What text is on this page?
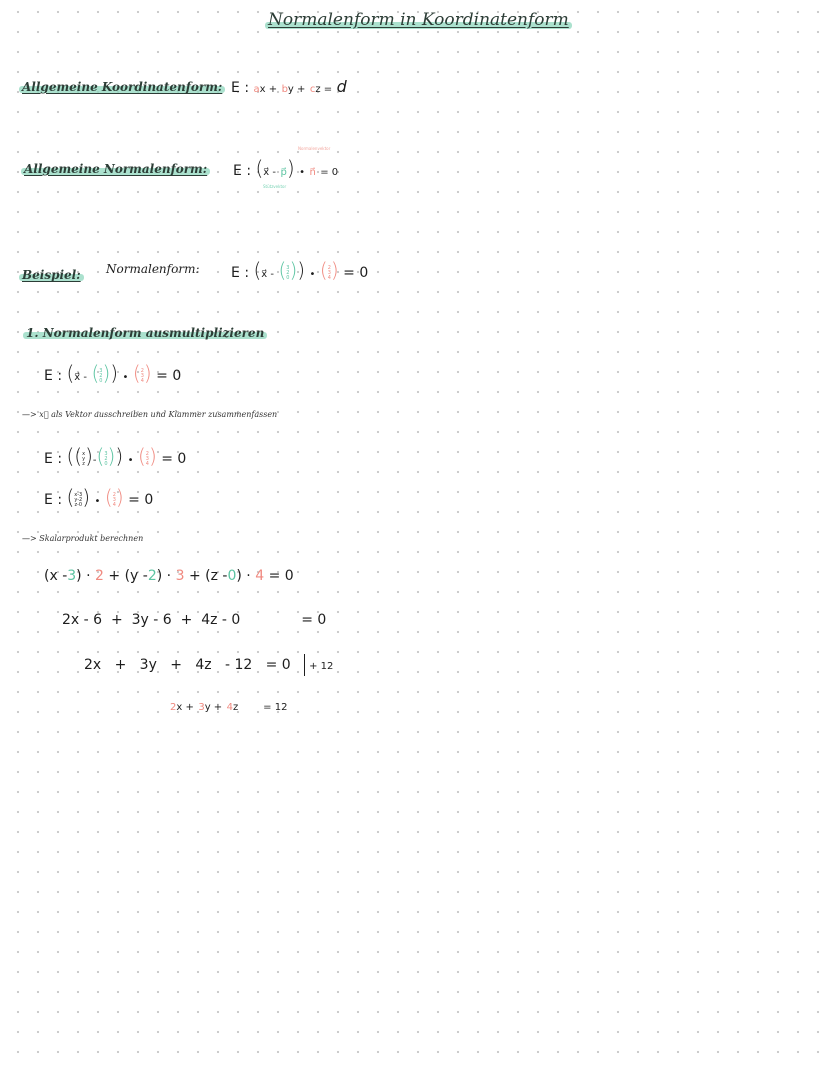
Normalenform in Koordinatenform
Allgemeine Koordinatenform: E : ax + by + cz = d
Allgemeine Normalenform:
Normalenvektor
E : (x⃗ - p⃗) • n⃗ = 0
Stützvektor
Beispiel: Normalenform: E : (x⃗ - ( 3
2
0 )) • ( 2
3
4 ) = 0
1. Normalenform ausmultiplizieren
E : (x⃗ - ( 3
2
0 )) • ( 2
3
4 ) = 0
—> x⃗ als Vektor ausschreiben und Klammer zusammenfassen
E : (( x
y
z )-( 3
2
0 )) • ( 2
3
4 ) = 0
E : ( x-3
y-2
z-0 ) • ( 2
3
4 ) = 0
—> Skalarprodukt berechnen
(x -3) · 2 + (y -2) · 3 + (z -0) · 4 = 0
2x - 6 + 3y - 6 + 4z - 0	= 0
2x + 3y + 4z - 12 = 0 + 12
2x + 3y + 4z = 12
